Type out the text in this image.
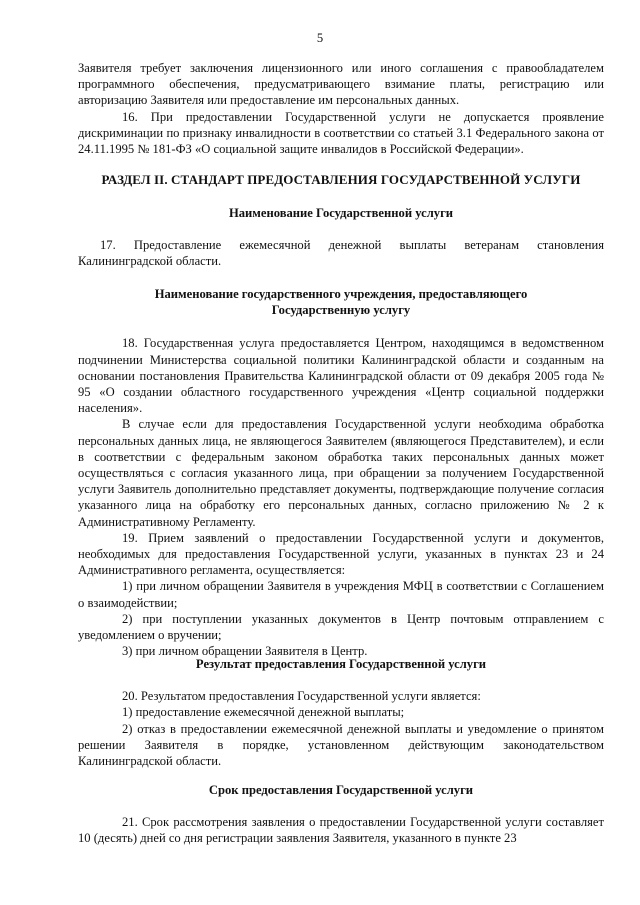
5

Заявителя требует заключения лицензионного или иного соглашения с правообладателем программного обеспечения, предусматривающего взимание платы, регистрацию или авторизацию Заявителя или предоставление им персональных данных.

16. При предоставлении Государственной услуги не допускается проявление дискриминации по признаку инвалидности в соответствии со статьей 3.1 Федерального закона от 24.11.1995 № 181-ФЗ «О социальной защите инвалидов в Российской Федерации».

РАЗДЕЛ II. СТАНДАРТ ПРЕДОСТАВЛЕНИЯ ГОСУДАРСТВЕННОЙ УСЛУГИ

Наименование Государственной услуги

17. Предоставление ежемесячной денежной выплаты ветеранам становления Калининградской области.

Наименование государственного учреждения, предоставляющего

Государственную услугу

18. Государственная услуга предоставляется Центром, находящимся в ведомственном подчинении Министерства социальной политики Калининградской области и созданным на основании постановления Правительства Калининградской области от 09 декабря 2005 года № 95 «О создании областного государственного учреждения «Центр социальной поддержки населения».

В случае если для предоставления Государственной услуги необходима обработка персональных данных лица, не являющегося Заявителем (являющегося Представителем), и если в соответствии с федеральным законом обработка таких персональных данных может осуществляться с согласия указанного лица, при обращении за получением Государственной услуги Заявитель дополнительно представляет документы, подтверждающие получение согласия указанного лица на обработку его персональных данных, согласно приложению № 2 к Административному Регламенту.

19. Прием заявлений о предоставлении Государственной услуги и документов, необходимых для предоставления Государственной услуги, указанных в пунктах 23 и 24 Административного регламента, осуществляется:

1) при личном обращении Заявителя в учреждения МФЦ в соответствии с Соглашением о взаимодействии;

2) при поступлении указанных документов в Центр почтовым отправлением с уведомлением о вручении;

3) при личном обращении Заявителя в Центр.

Результат предоставления Государственной услуги

20. Результатом предоставления Государственной услуги является:

1) предоставление ежемесячной денежной выплаты;

2) отказ в предоставлении ежемесячной денежной выплаты и уведомление о принятом решении Заявителя в порядке, установленном действующим законодательством Калининградской области.

Срок предоставления Государственной услуги

21. Срок рассмотрения заявления о предоставлении Государственной услуги составляет 10 (десять) дней со дня регистрации заявления Заявителя, указанного в пункте 23
